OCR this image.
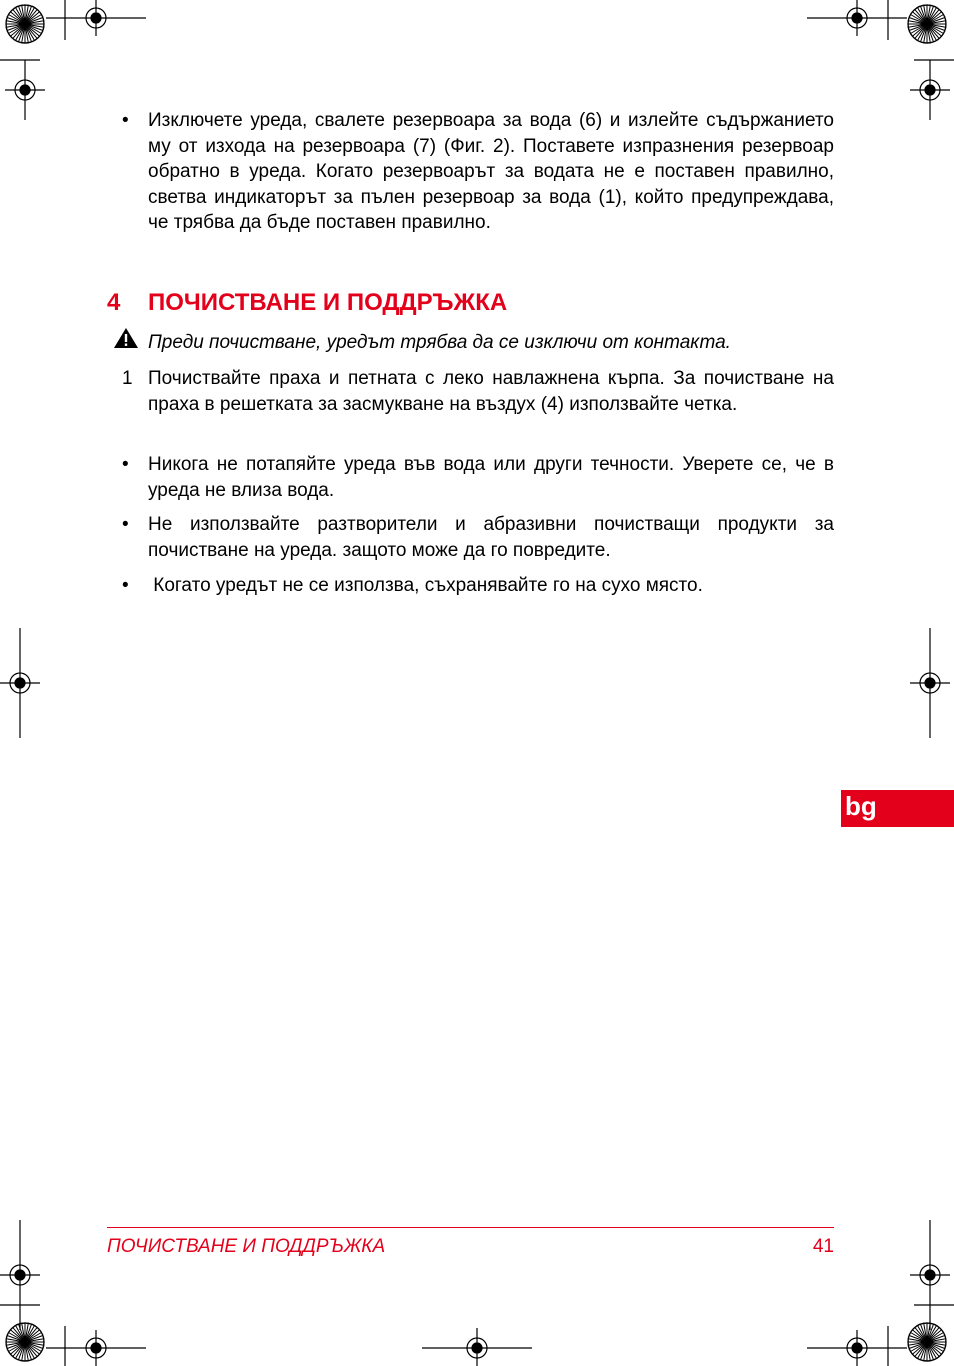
• Изключете уреда, свалете резервоара за вода (6) и излейте съдържанието му от изхода на резервоара (7) (Фиг. 2). Поставете изпразнения резервоар обратно в уреда. Когато резервоарът за водата не е поставен правилно, светва индикаторът за пълен резервоар за вода (1), който предупреждава, че трябва да бъде поставен правилно.
4 ПОЧИСТВАНЕ И ПОДДРЪЖКА
Преди почистване, уредът трябва да се изключи от контакта.
1 Почиствайте праха и петната с леко навлажнена кърпа. За почистване на праха в решетката за засмукване на въздух (4) използвайте четка.
• Никога не потапяйте уреда във вода или други течности. Уверете се, че в уреда не влиза вода.
• Не използвайте разтворители и абразивни почистващи продукти за почистване на уреда. защото може да го повредите.
• Когато уредът не се използва, съхранявайте го на сухо място.
bg
ПОЧИСТВАНЕ И ПОДДРЪЖКА	41
